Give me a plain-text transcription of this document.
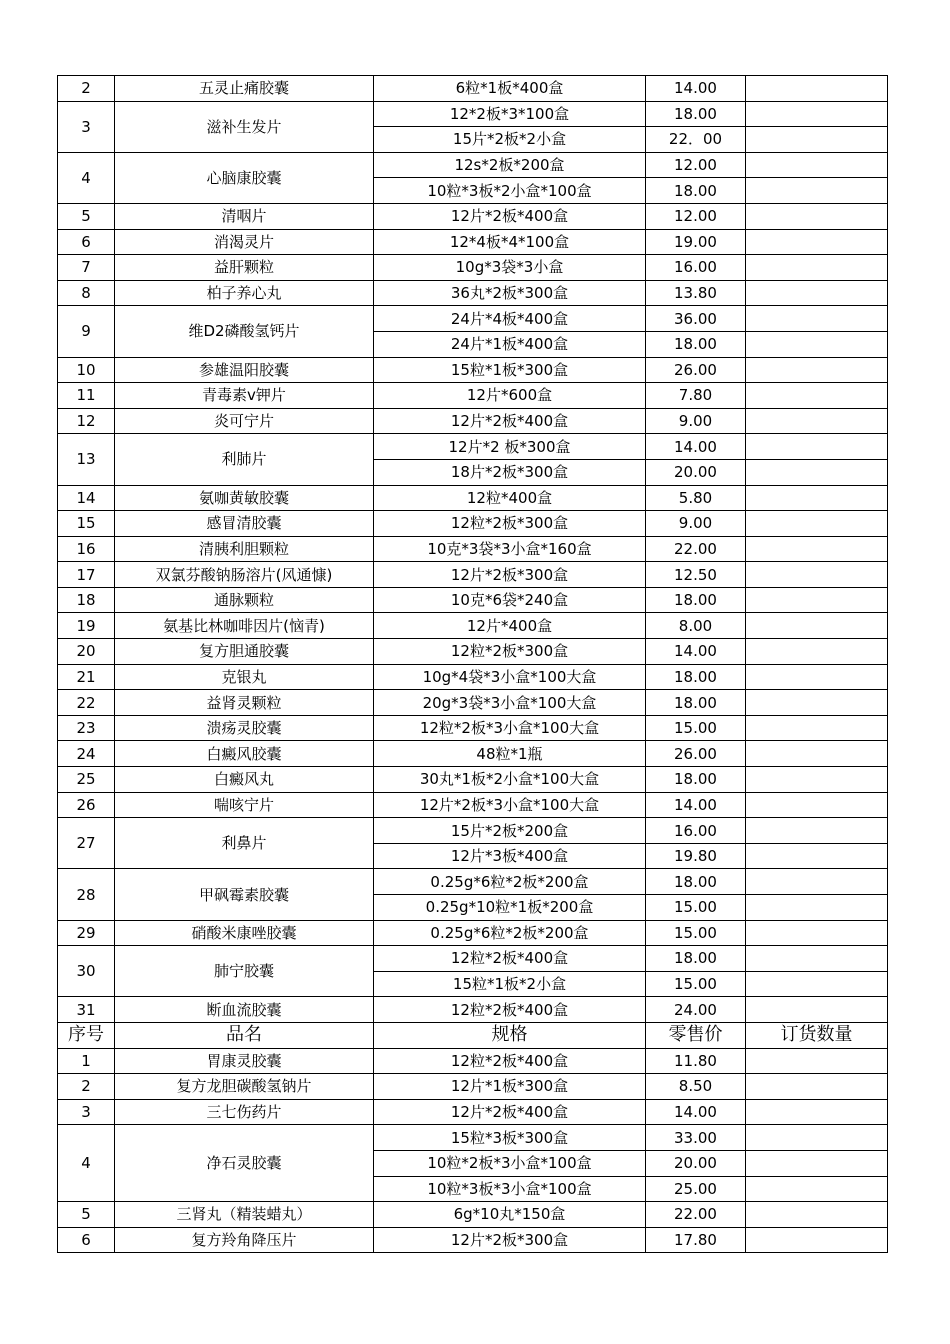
2	五灵止痛胶囊	6粒*1板*400盒	14.00	
3	滋补生发片	12*2板*3*100盒	18.00	
		15片*2板*2小盒	22．00	
4	心脑康胶囊	12s*2板*200盒	12.00	
		10粒*3板*2小盒*100盒	18.00	
5	清咽片	12片*2板*400盒	12.00	
6	消渴灵片	12*4板*4*100盒	19.00	
7	益肝颗粒	10g*3袋*3小盒	16.00	
8	柏子养心丸	36丸*2板*300盒	13.80	
9	维D2磷酸氢钙片	24片*4板*400盒	36.00	
		24片*1板*400盒	18.00	
10	参雄温阳胶囊	15粒*1板*300盒	26.00	
11	青毒素v钾片	12片*600盒	7.80	
12	炎可宁片	12片*2板*400盒	9.00	
13	利肺片	12片*2 板*300盒	14.00	
		18片*2板*300盒	20.00	
14	氨咖黄敏胶囊	12粒*400盒	5.80	
15	感冒清胶囊	12粒*2板*300盒	9.00	
16	清胰利胆颗粒	10克*3袋*3小盒*160盒	22.00	
17	双氯芬酸钠肠溶片(风通慷)	12片*2板*300盒	12.50	
18	通脉颗粒	10克*6袋*240盒	18.00	
19	氨基比林咖啡因片(恼青)	12片*400盒	8.00	
20	复方胆通胶囊	12粒*2板*300盒	14.00	
21	克银丸	10g*4袋*3小盒*100大盒	18.00	
22	益肾灵颗粒	20g*3袋*3小盒*100大盒	18.00	
23	溃疡灵胶囊	12粒*2板*3小盒*100大盒	15.00	
24	白癜风胶囊	48粒*1瓶	26.00	
25	白癜风丸	30丸*1板*2小盒*100大盒	18.00	
26	喘咳宁片	12片*2板*3小盒*100大盒	14.00	
27	利鼻片	15片*2板*200盒	16.00	
		12片*3板*400盒	19.80	
28	甲砜霉素胶囊	0.25g*6粒*2板*200盒	18.00	
		0.25g*10粒*1板*200盒	15.00	
29	硝酸米康唑胶囊	0.25g*6粒*2板*200盒	15.00	
30	肺宁胶囊	12粒*2板*400盒	18.00	
		15粒*1板*2小盒	15.00	
31	断血流胶囊	12粒*2板*400盒	24.00	
序号	品名	规格	零售价	订货数量
1	胃康灵胶囊	12粒*2板*400盒	11.80	
2	复方龙胆碳酸氢钠片	12片*1板*300盒	8.50	
3	三七伤药片	12片*2板*400盒	14.00	
4	净石灵胶囊	15粒*3板*300盒	33.00	
		10粒*2板*3小盒*100盒	20.00	
		10粒*3板*3小盒*100盒	25.00	
5	三肾丸（精装蜡丸）	6g*10丸*150盒	22.00	
6	复方羚角降压片	12片*2板*300盒	17.80	
